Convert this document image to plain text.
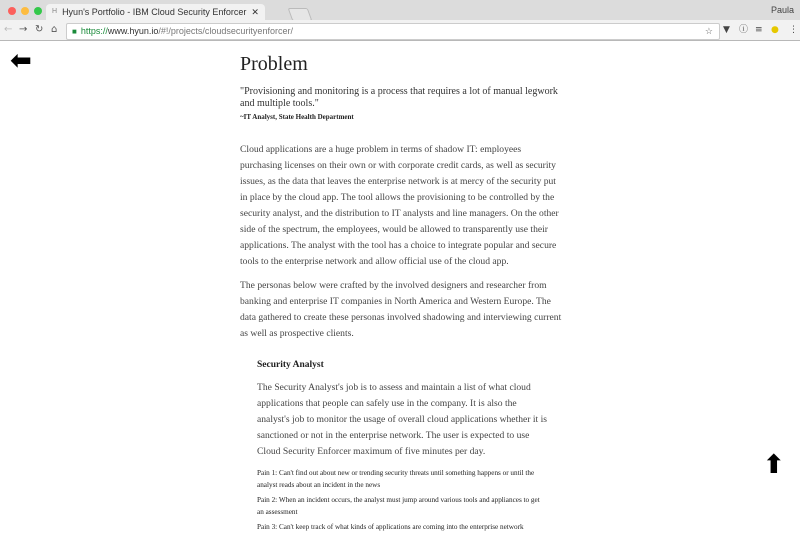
H Hyun's Portfolio - IBM Cloud Security Enforcer ✕	Paula
← → ↻ ⌂	■ https://www.hyun.io/#!/projects/cloudsecurityenforcer/	☆ ▼ ⓘ ≡ ● ⋮
⬅	Problem
"Provisioning and monitoring is a process that requires a lot of manual legwork and multiple tools."
~IT Analyst, State Health Department

Cloud applications are a huge problem in terms of shadow IT: employees purchasing licenses on their own or with corporate credit cards, as well as security issues, as the data that leaves the enterprise network is at mercy of the security put in place by the cloud app. The tool allows the provisioning to be controlled by the security analyst, and the distribution to IT analysts and line managers. On the other side of the spectrum, the employees, would be allowed to transparently use their applications. The analyst with the tool has a choice to integrate popular and secure tools to the enterprise network and allow official use of the cloud app.

The personas below were crafted by the involved designers and researcher from banking and enterprise IT companies in North America and Western Europe. The data gathered to create these personas involved shadowing and interviewing current as well as prospective clients.

Security Analyst

The Security Analyst's job is to assess and maintain a list of what cloud applications that people can safely use in the company. It is also the analyst's job to monitor the usage of overall cloud applications whether it is sanctioned or not in the enterprise network. The user is expected to use Cloud Security Enforcer maximum of five minutes per day.

Pain 1: Can't find out about new or trending security threats until something happens or until the analyst reads about an incident in the news
Pain 2: When an incident occurs, the analyst must jump around various tools and appliances to get an assessment
Pain 3: Can't keep track of what kinds of applications are coming into the enterprise network
⬆
